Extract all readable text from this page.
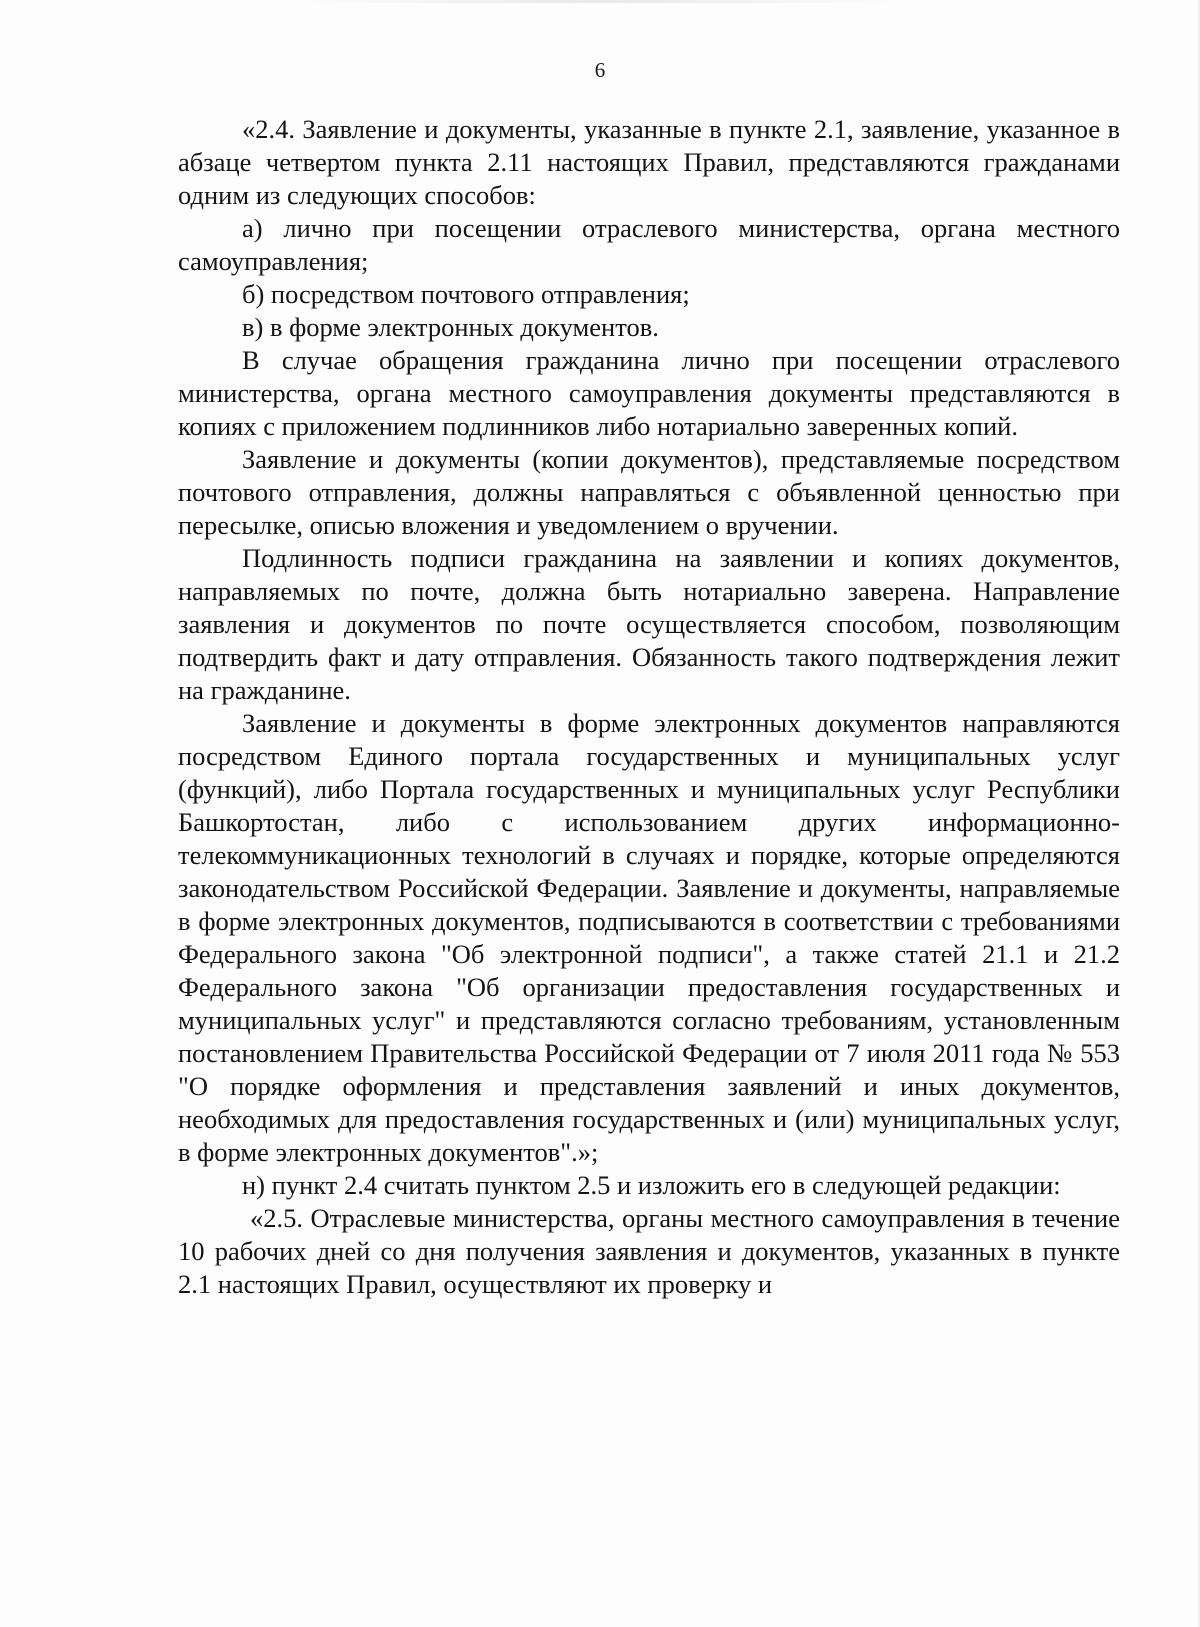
6

«2.4. Заявление и документы, указанные в пункте 2.1, заявление, указанное в абзаце четвертом пункта 2.11 настоящих Правил, представляются гражданами одним из следующих способов:

а) лично при посещении отраслевого министерства, органа местного самоуправления;

б) посредством почтового отправления;

в) в форме электронных документов.

В случае обращения гражданина лично при посещении отраслевого министерства, органа местного самоуправления документы представляются в копиях с приложением подлинников либо нотариально заверенных копий.

Заявление и документы (копии документов), представляемые посредством почтового отправления, должны направляться с объявленной ценностью при пересылке, описью вложения и уведомлением о вручении.

Подлинность подписи гражданина на заявлении и копиях документов, направляемых по почте, должна быть нотариально заверена. Направление заявления и документов по почте осуществляется способом, позволяющим подтвердить факт и дату отправления. Обязанность такого подтверждения лежит на гражданине.

Заявление и документы в форме электронных документов направляются посредством Единого портала государственных и муниципальных услуг (функций), либо Портала государственных и муниципальных услуг Республики Башкортостан, либо с использованием других информационно-телекоммуникационных технологий в случаях и порядке, которые определяются законодательством Российской Федерации. Заявление и документы, направляемые в форме электронных документов, подписываются в соответствии с требованиями Федерального закона "Об электронной подписи", а также статей 21.1 и 21.2 Федерального закона "Об организации предоставления государственных и муниципальных услуг" и представляются согласно требованиям, установленным постановлением Правительства Российской Федерации от 7 июля 2011 года № 553 "О порядке оформления и представления заявлений и иных документов, необходимых для предоставления государственных и (или) муниципальных услуг, в форме электронных документов".»;

н) пункт 2.4 считать пунктом 2.5 и изложить его в следующей редакции:

«2.5. Отраслевые министерства, органы местного самоуправления в течение 10 рабочих дней со дня получения заявления и документов, указанных в пункте 2.1 настоящих Правил, осуществляют их проверку и
